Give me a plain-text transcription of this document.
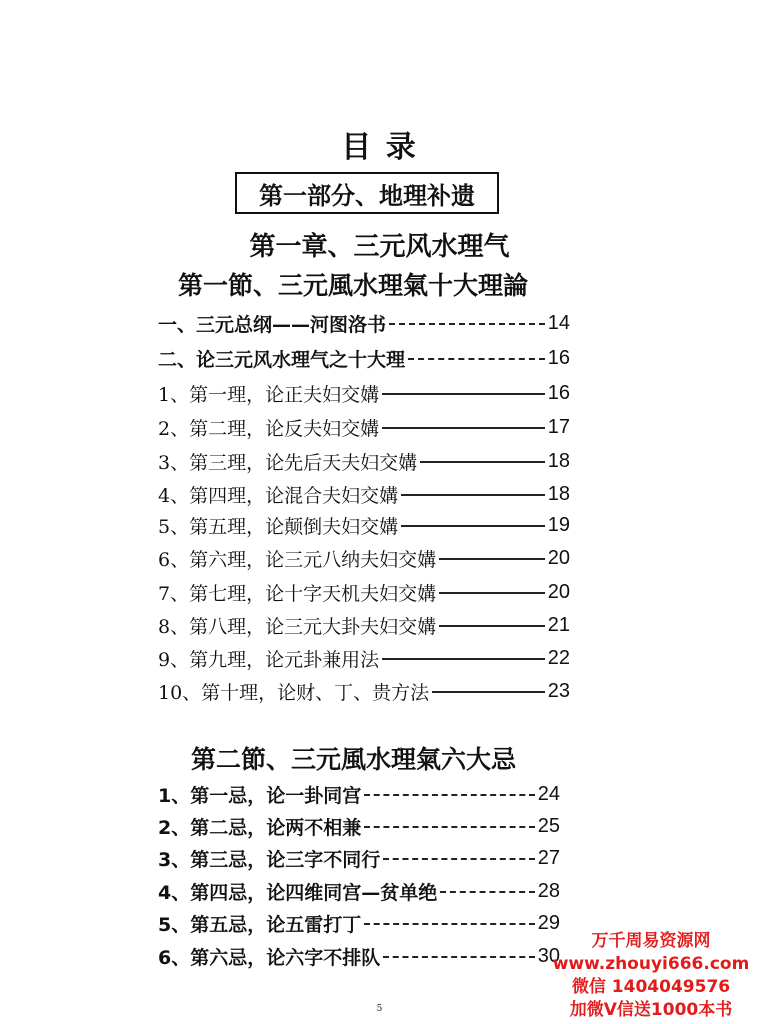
目 录
第一部分、地理补遗
第一章、三元风水理气
第一節、三元風水理氣十大理論
一、三元总纲——河图洛书	14
二、论三元风水理气之十大理	16
1、第一理，论正夫妇交媾	16
2、第二理，论反夫妇交媾	17
3、第三理，论先后天夫妇交媾	18
4、第四理，论混合夫妇交媾	18
5、第五理，论颠倒夫妇交媾	19
6、第六理，论三元八纳夫妇交媾	20
7、第七理，论十字天机夫妇交媾	20
8、第八理，论三元大卦夫妇交媾	21
9、第九理，论元卦兼用法	22
10、第十理，论财、丁、贵方法	23
第二節、三元風水理氣六大忌
1、第一忌，论一卦同宫	24
2、第二忌，论两不相兼	25
3、第三忌，论三字不同行	27
4、第四忌，论四维同宫—贫单绝	28
5、第五忌，论五雷打丁	29
6、第六忌，论六字不排队	30
5
万千周易资源网
www.zhouyi666.com
微信 1404049576
加微V信送1000本书
